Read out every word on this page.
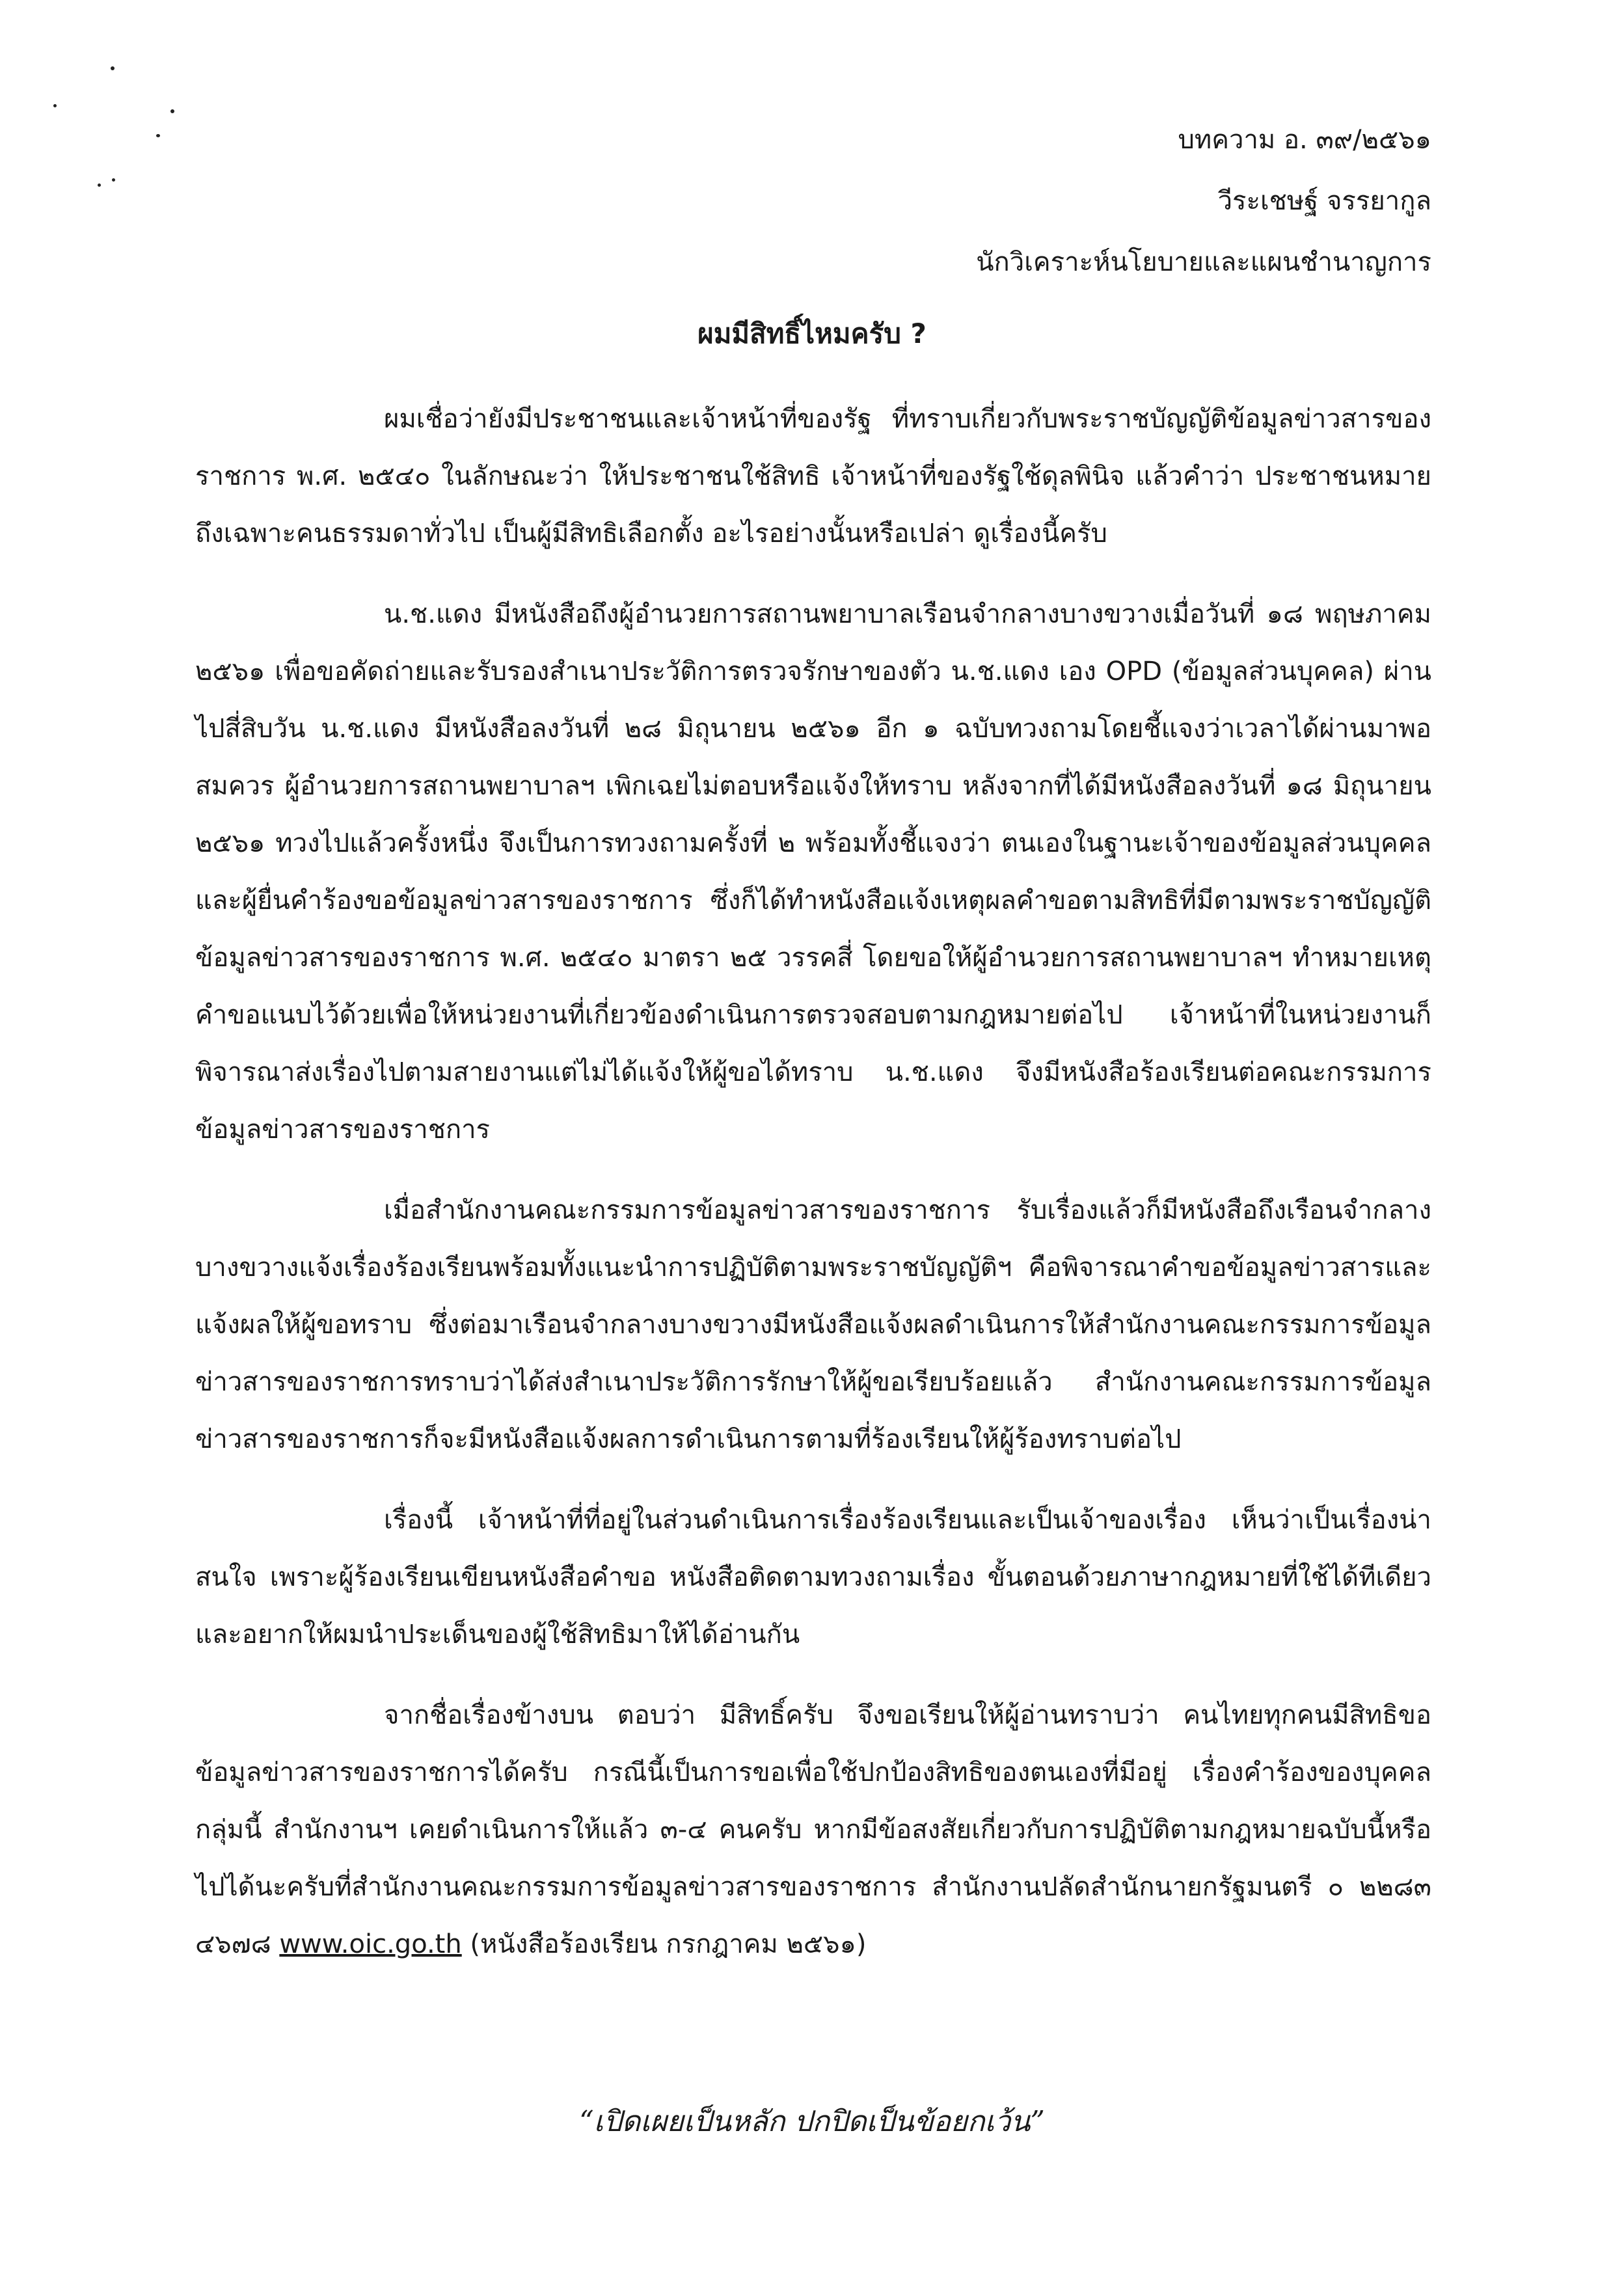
บทความ อ. ๓๙/๒๕๖๑
วีระเชษฐ์ จรรยากูล
นักวิเคราะห์นโยบายและแผนชำนาญการ
ผมมีสิทธิ์ไหมครับ ?

ผมเชื่อว่ายังมีประชาชนและเจ้าหน้าที่ของรัฐ ที่ทราบเกี่ยวกับพระราชบัญญัติข้อมูลข่าวสารของราชการ พ.ศ. ๒๕๔๐ ในลักษณะว่า ให้ประชาชนใช้สิทธิ เจ้าหน้าที่ของรัฐใช้ดุลพินิจ แล้วคำว่า ประชาชนหมายถึงเฉพาะคนธรรมดาทั่วไป เป็นผู้มีสิทธิเลือกตั้ง อะไรอย่างนั้นหรือเปล่า ดูเรื่องนี้ครับ

น.ช.แดง มีหนังสือถึงผู้อำนวยการสถานพยาบาลเรือนจำกลางบางขวางเมื่อวันที่ ๑๘ พฤษภาคม ๒๕๖๑ เพื่อขอคัดถ่ายและรับรองสำเนาประวัติการตรวจรักษาของตัว น.ช.แดง เอง OPD (ข้อมูลส่วนบุคคล) ผ่านไปสี่สิบวัน น.ช.แดง มีหนังสือลงวันที่ ๒๘ มิถุนายน ๒๕๖๑ อีก ๑ ฉบับทวงถามโดยชี้แจงว่าเวลาได้ผ่านมาพอสมควร ผู้อำนวยการสถานพยาบาลฯ เพิกเฉยไม่ตอบหรือแจ้งให้ทราบ หลังจากที่ได้มีหนังสือลงวันที่ ๑๘ มิถุนายน ๒๕๖๑ ทวงไปแล้วครั้งหนึ่ง จึงเป็นการทวงถามครั้งที่ ๒ พร้อมทั้งชี้แจงว่า ตนเองในฐานะเจ้าของข้อมูลส่วนบุคคลและผู้ยื่นคำร้องขอข้อมูลข่าวสารของราชการ ซึ่งก็ได้ทำหนังสือแจ้งเหตุผลคำขอตามสิทธิที่มีตามพระราชบัญญัติข้อมูลข่าวสารของราชการ พ.ศ. ๒๕๔๐ มาตรา ๒๕ วรรคสี่ โดยขอให้ผู้อำนวยการสถานพยาบาลฯ ทำหมายเหตุคำขอแนบไว้ด้วยเพื่อให้หน่วยงานที่เกี่ยวข้องดำเนินการตรวจสอบตามกฎหมายต่อไป เจ้าหน้าที่ในหน่วยงานก็พิจารณาส่งเรื่องไปตามสายงานแต่ไม่ได้แจ้งให้ผู้ขอได้ทราบ น.ช.แดง จึงมีหนังสือร้องเรียนต่อคณะกรรมการข้อมูลข่าวสารของราชการ

เมื่อสำนักงานคณะกรรมการข้อมูลข่าวสารของราชการ รับเรื่องแล้วก็มีหนังสือถึงเรือนจำกลางบางขวางแจ้งเรื่องร้องเรียนพร้อมทั้งแนะนำการปฏิบัติตามพระราชบัญญัติฯ คือพิจารณาคำขอข้อมูลข่าวสารและแจ้งผลให้ผู้ขอทราบ ซึ่งต่อมาเรือนจำกลางบางขวางมีหนังสือแจ้งผลดำเนินการให้สำนักงานคณะกรรมการข้อมูลข่าวสารของราชการทราบว่าได้ส่งสำเนาประวัติการรักษาให้ผู้ขอเรียบร้อยแล้ว สำนักงานคณะกรรมการข้อมูลข่าวสารของราชการก็จะมีหนังสือแจ้งผลการดำเนินการตามที่ร้องเรียนให้ผู้ร้องทราบต่อไป

เรื่องนี้ เจ้าหน้าที่ที่อยู่ในส่วนดำเนินการเรื่องร้องเรียนและเป็นเจ้าของเรื่อง เห็นว่าเป็นเรื่องน่าสนใจ เพราะผู้ร้องเรียนเขียนหนังสือคำขอ หนังสือติดตามทวงถามเรื่อง ขั้นตอนด้วยภาษากฎหมายที่ใช้ได้ทีเดียว และอยากให้ผมนำประเด็นของผู้ใช้สิทธิมาให้ได้อ่านกัน

จากชื่อเรื่องข้างบน ตอบว่า มีสิทธิ์ครับ จึงขอเรียนให้ผู้อ่านทราบว่า คนไทยทุกคนมีสิทธิขอข้อมูลข่าวสารของราชการได้ครับ กรณีนี้เป็นการขอเพื่อใช้ปกป้องสิทธิของตนเองที่มีอยู่ เรื่องคำร้องของบุคคลกลุ่มนี้ สำนักงานฯ เคยดำเนินการให้แล้ว ๓-๔ คนครับ หากมีข้อสงสัยเกี่ยวกับการปฏิบัติตามกฎหมายฉบับนี้หรือไปได้นะครับที่สำนักงานคณะกรรมการข้อมูลข่าวสารของราชการ สำนักงานปลัดสำนักนายกรัฐมนตรี ๐ ๒๒๘๓ ๔๖๗๘ www.oic.go.th (หนังสือร้องเรียน กรกฎาคม ๒๕๖๑)

“เปิดเผยเป็นหลัก ปกปิดเป็นข้อยกเว้น”
